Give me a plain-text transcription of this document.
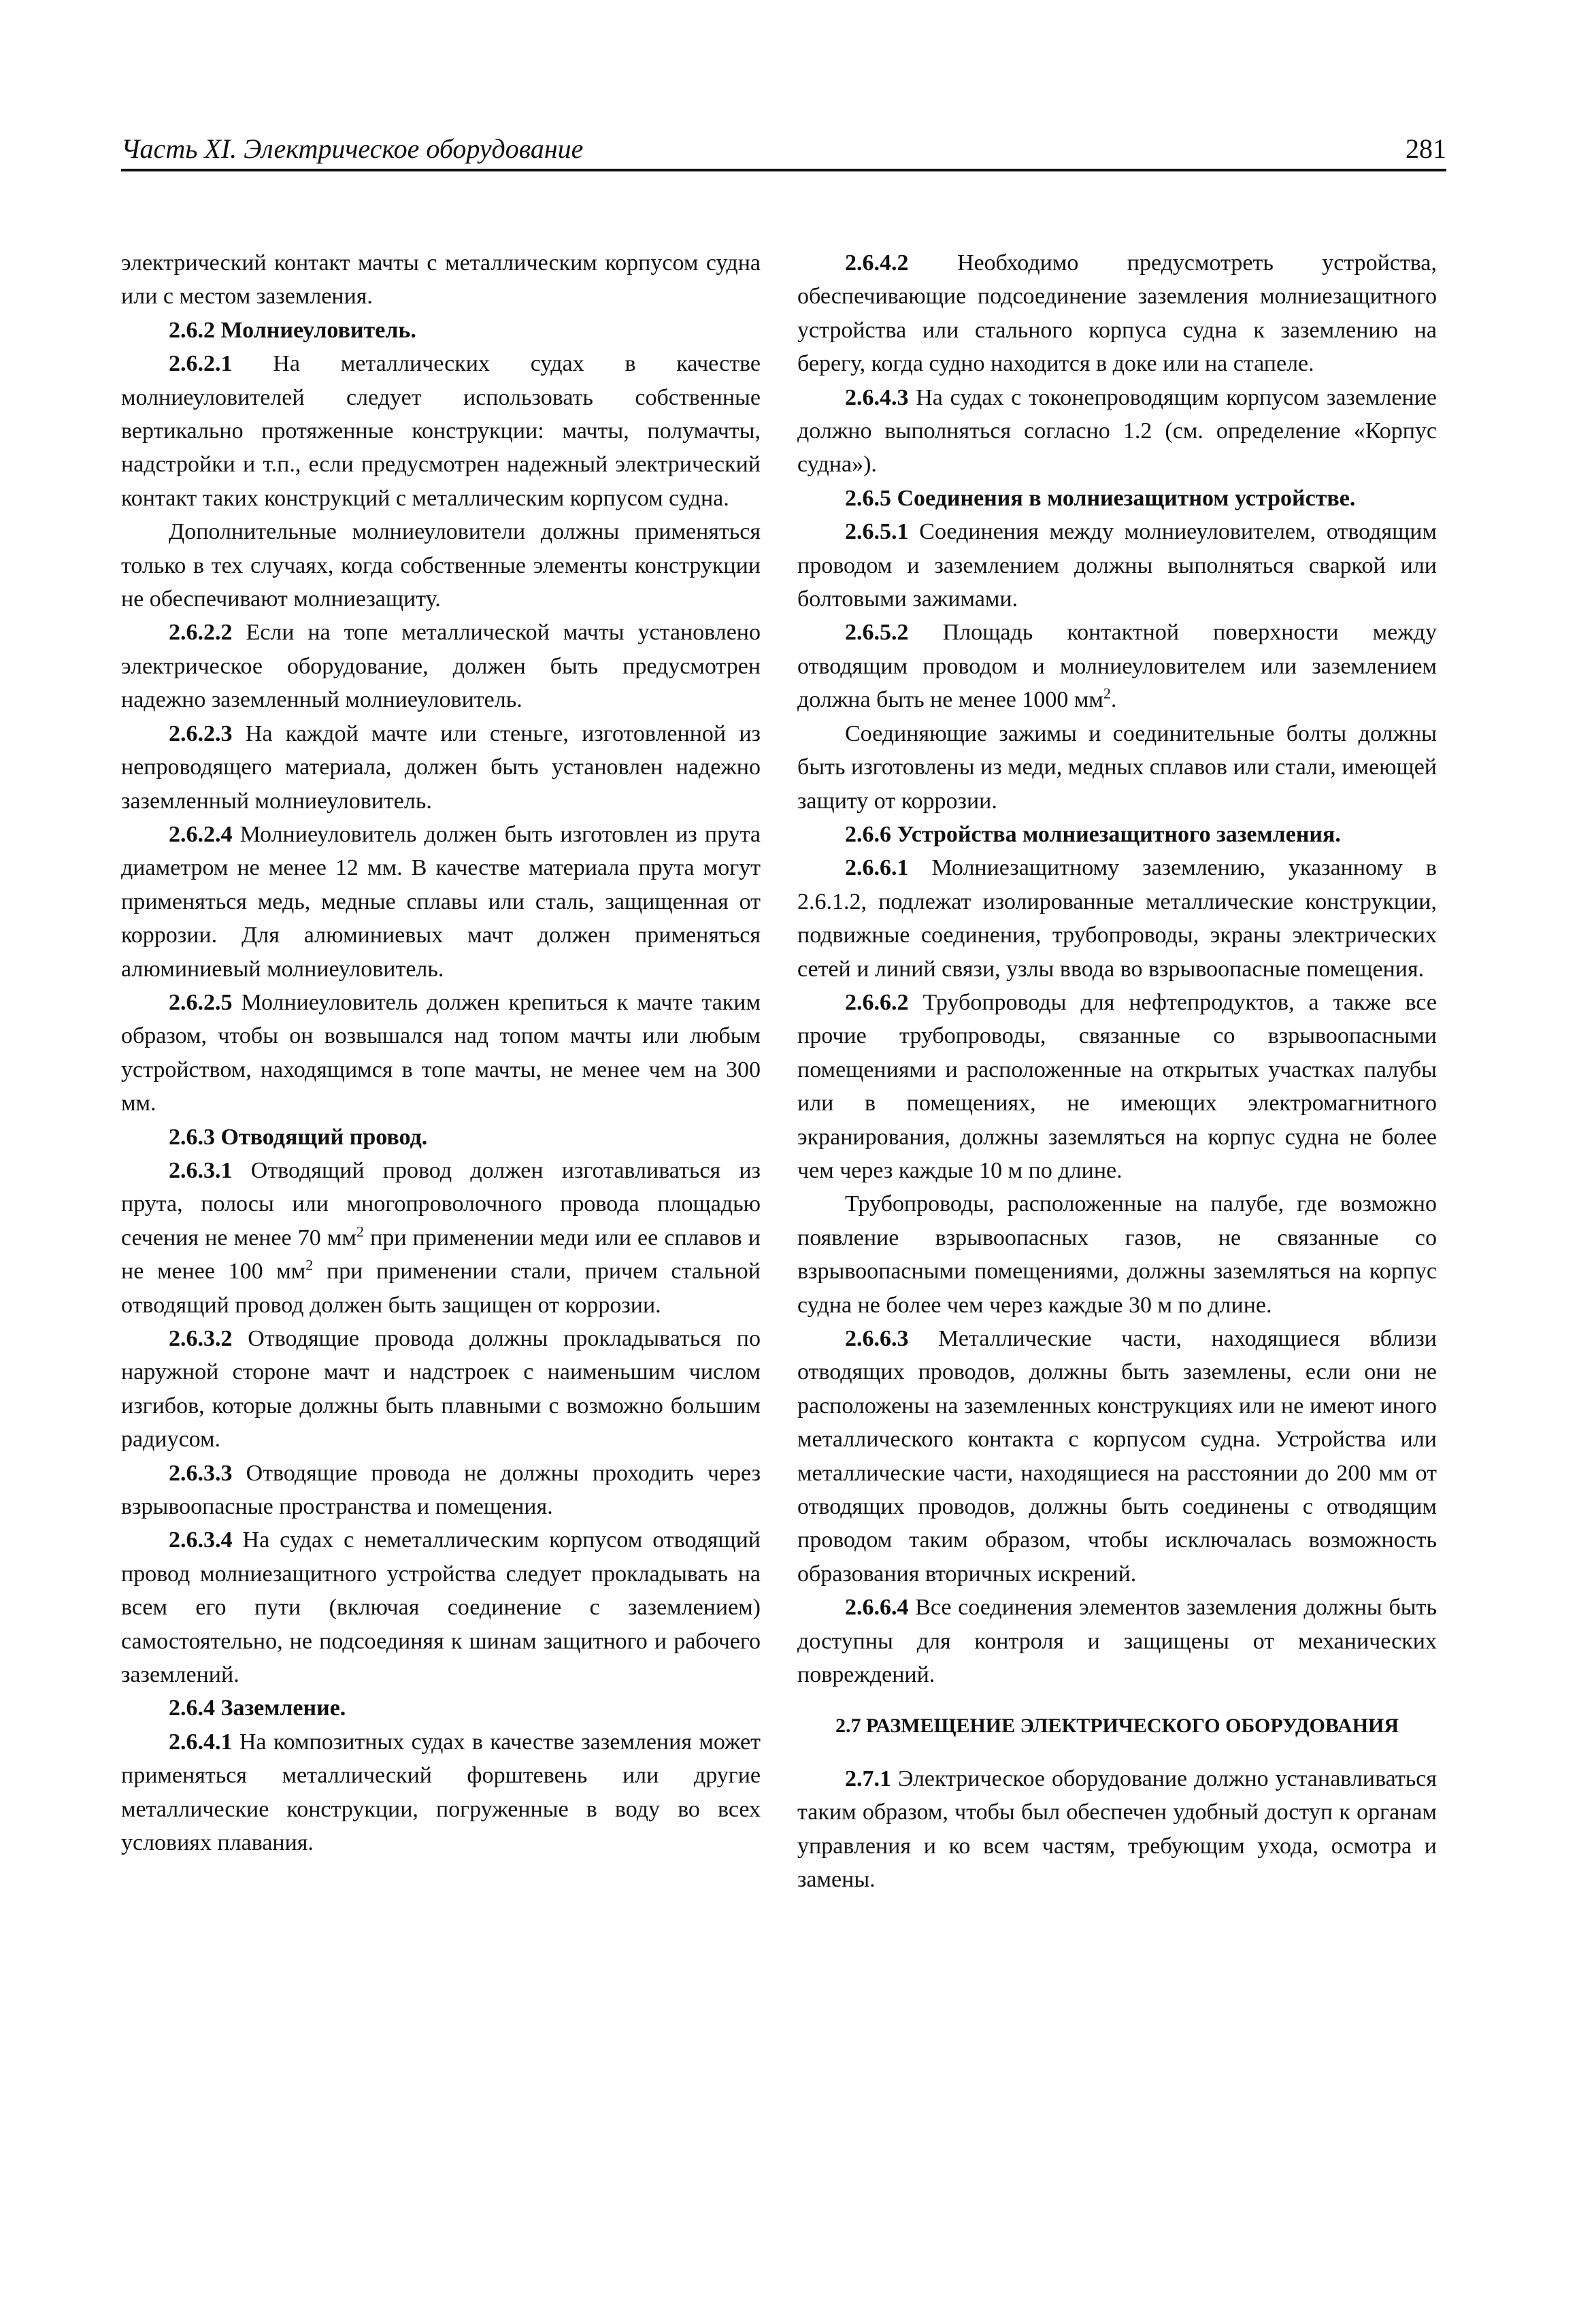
Часть XI. Электрическое оборудование	281

электрический контакт мачты с металлическим корпусом судна или с местом заземления.

2.6.2 Молниеуловитель.

2.6.2.1 На металлических судах в качестве молниеуловителей следует использовать собственные вертикально протяженные конструкции: мачты, полумачты, надстройки и т.п., если предусмотрен надежный электрический контакт таких конструкций с металлическим корпусом судна.

Дополнительные молниеуловители должны применяться только в тех случаях, когда собственные элементы конструкции не обеспечивают молниезащиту.

2.6.2.2 Если на топе металлической мачты установлено электрическое оборудование, должен быть предусмотрен надежно заземленный молниеуловитель.

2.6.2.3 На каждой мачте или стеньге, изготовленной из непроводящего материала, должен быть установлен надежно заземленный молниеуловитель.

2.6.2.4 Молниеуловитель должен быть изготовлен из прута диаметром не менее 12 мм. В качестве материала прута могут применяться медь, медные сплавы или сталь, защищенная от коррозии. Для алюминиевых мачт должен применяться алюминиевый молниеуловитель.

2.6.2.5 Молниеуловитель должен крепиться к мачте таким образом, чтобы он возвышался над топом мачты или любым устройством, находящимся в топе мачты, не менее чем на 300 мм.

2.6.3 Отводящий провод.

2.6.3.1 Отводящий провод должен изготавливаться из прута, полосы или многопроволочного провода площадью сечения не менее 70 $мм^2$ при применении меди или ее сплавов и не менее 100 $мм^2$ при применении стали, причем стальной отводящий провод должен быть защищен от коррозии.

2.6.3.2 Отводящие провода должны прокладываться по наружной стороне мачт и надстроек с наименьшим числом изгибов, которые должны быть плавными с возможно большим радиусом.

2.6.3.3 Отводящие провода не должны проходить через взрывоопасные пространства и помещения.

2.6.3.4 На судах с неметаллическим корпусом отводящий провод молниезащитного устройства следует прокладывать на всем его пути (включая соединение с заземлением) самостоятельно, не подсоединяя к шинам защитного и рабочего заземлений.

2.6.4 Заземление.

2.6.4.1 На композитных судах в качестве заземления может применяться металлический форштевень или другие металлические конструкции, погруженные в воду во всех условиях плавания.

2.6.4.2 Необходимо предусмотреть устройства, обеспечивающие подсоединение заземления молниезащитного устройства или стального корпуса судна к заземлению на берегу, когда судно находится в доке или на стапеле.

2.6.4.3 На судах с токонепроводящим корпусом заземление должно выполняться согласно 1.2 (см. определение «Корпус судна»).

2.6.5 Соединения в молниезащитном устройстве.

2.6.5.1 Соединения между молниеуловителем, отводящим проводом и заземлением должны выполняться сваркой или болтовыми зажимами.

2.6.5.2 Площадь контактной поверхности между отводящим проводом и молниеуловителем или заземлением должна быть не менее 1000 $мм^2$.

Соединяющие зажимы и соединительные болты должны быть изготовлены из меди, медных сплавов или стали, имеющей защиту от коррозии.

2.6.6 Устройства молниезащитного заземления.

2.6.6.1 Молниезащитному заземлению, указанному в 2.6.1.2, подлежат изолированные металлические конструкции, подвижные соединения, трубопроводы, экраны электрических сетей и линий связи, узлы ввода во взрывоопасные помещения.

2.6.6.2 Трубопроводы для нефтепродуктов, а также все прочие трубопроводы, связанные со взрывоопасными помещениями и расположенные на открытых участках палубы или в помещениях, не имеющих электромагнитного экранирования, должны заземляться на корпус судна не более чем через каждые 10 м по длине.

Трубопроводы, расположенные на палубе, где возможно появление взрывоопасных газов, не связанные со взрывоопасными помещениями, должны заземляться на корпус судна не более чем через каждые 30 м по длине.

2.6.6.3 Металлические части, находящиеся вблизи отводящих проводов, должны быть заземлены, если они не расположены на заземленных конструкциях или не имеют иного металлического контакта с корпусом судна. Устройства или металлические части, находящиеся на расстоянии до 200 мм от отводящих проводов, должны быть соединены с отводящим проводом таким образом, чтобы исключалась возможность образования вторичных искрений.

2.6.6.4 Все соединения элементов заземления должны быть доступны для контроля и защищены от механических повреждений.

2.7 РАЗМЕЩЕНИЕ ЭЛЕКТРИЧЕСКОГО ОБОРУДОВАНИЯ

2.7.1 Электрическое оборудование должно устанавливаться таким образом, чтобы был обеспечен удобный доступ к органам управления и ко всем частям, требующим ухода, осмотра и замены.
